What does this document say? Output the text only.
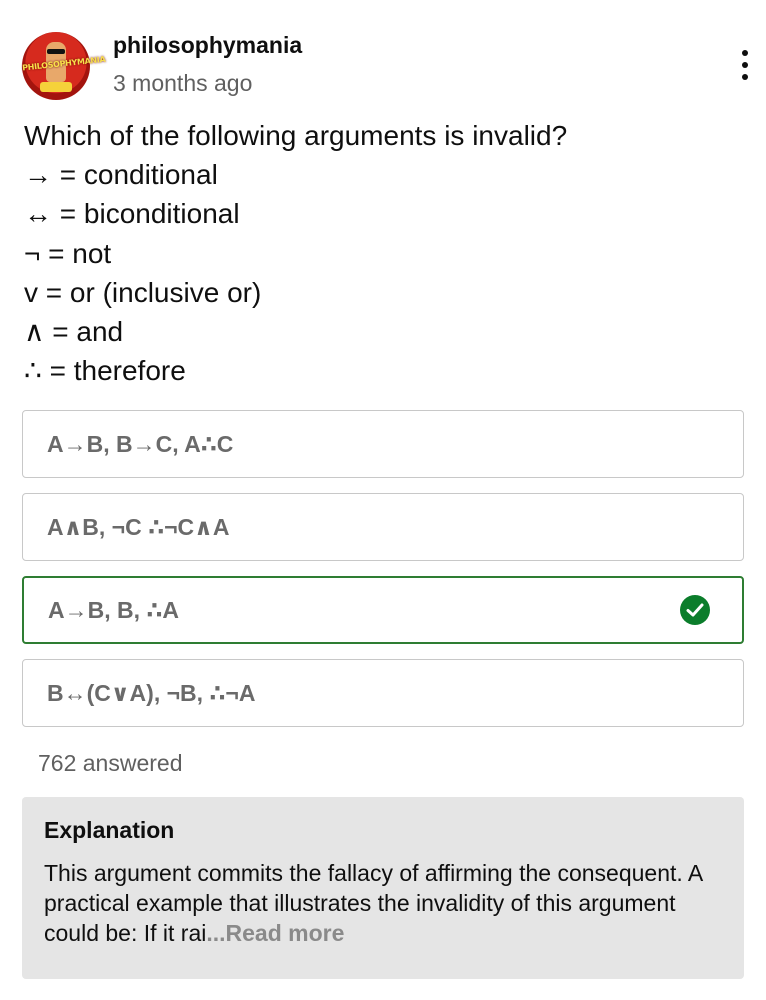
PHILOSOPHYMANIA
philosophymania
3 months ago
Which of the following arguments is invalid?
→ = conditional
↔ = biconditional
¬ = not
v = or (inclusive or)
∧ = and
∴ = therefore
A→B, B→C, A∴C
A∧B, ¬C ∴¬C∧A
A→B, B, ∴A
B↔(C∨A), ¬B, ∴¬A
762 answered
Explanation
This argument commits the fallacy of affirming the consequent. A practical example that illustrates the invalidity of this argument could be: If it rai...Read more
